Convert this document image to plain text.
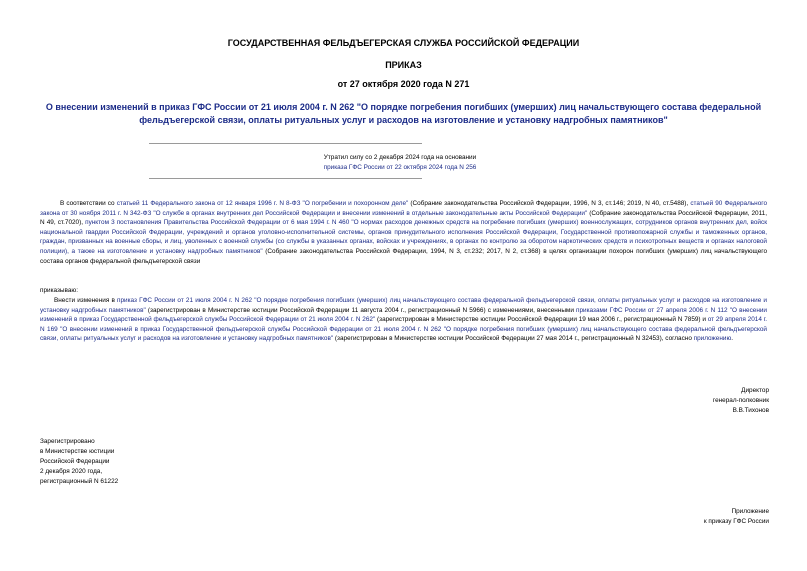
ГОСУДАРСТВЕННАЯ ФЕЛЬДЪЕГЕРСКАЯ СЛУЖБА РОССИЙСКОЙ ФЕДЕРАЦИИ
ПРИКАЗ
от 27 октября 2020 года N 271
О внесении изменений в приказ ГФС России от 21 июля 2004 г. N 262 "О порядке погребения погибших (умерших) лиц начальствующего состава федеральной фельдъегерской связи, оплаты ритуальных услуг и расходов на изготовление и установку надгробных памятников"
Утратил силу со 2 декабря 2024 года на основании
приказа ГФС России от 22 октября 2024 года N 256
В соответствии со статьей 11 Федерального закона от 12 января 1996 г. N 8-ФЗ "О погребении и похоронном деле" (Собрание законодательства Российской Федерации, 1996, N 3, ст.146; 2019, N 40, ст.5488), статьей 90 Федерального закона от 30 ноября 2011 г. N 342-ФЗ "О службе в органах внутренних дел Российской Федерации и внесении изменений в отдельные законодательные акты Российской Федерации" (Собрание законодательства Российской Федерации, 2011, N 49, ст.7020), пунктом 3 постановления Правительства Российской Федерации от 6 мая 1994 г. N 460 "О нормах расходов денежных средств на погребение погибших (умерших) военнослужащих, сотрудников органов внутренних дел, войск национальной гвардии Российской Федерации, учреждений и органов уголовно-исполнительной системы, органов принудительного исполнения Российской Федерации, Государственной противопожарной службы и таможенных органов, граждан, призванных на военные сборы, и лиц, уволенных с военной службы (со службы в указанных органах, войсках и учреждениях, в органах по контролю за оборотом наркотических средств и психотропных веществ и органах налоговой полиции), а также на изготовление и установку надгробных памятников" (Собрание законодательства Российской Федерации, 1994, N 3, ст.232; 2017, N 2, ст.368) в целях организации похорон погибших (умерших) лиц начальствующего состава органов федеральной фельдъегерской связи
приказываю:
Внести изменения в приказ ГФС России от 21 июля 2004 г. N 262 "О порядке погребения погибших (умерших) лиц начальствующего состава федеральной фельдъегерской связи, оплаты ритуальных услуг и расходов на изготовление и установку надгробных памятников" (зарегистрирован в Министерстве юстиции Российской Федерации 11 августа 2004 г., регистрационный N 5966) с изменениями, внесенными приказами ГФС России от 27 апреля 2006 г. N 112 "О внесении изменений в приказ Государственной фельдъегерской службы Российской Федерации от 21 июля 2004 г. N 262" (зарегистрирован в Министерстве юстиции Российской Федерации 19 мая 2006 г., регистрационный N 7859) и от 29 апреля 2014 г. N 169 "О внесении изменений в приказ Государственной фельдъегерской службы Российской Федерации от 21 июля 2004 г. N 262 "О порядке погребения погибших (умерших) лиц начальствующего состава федеральной фельдъегерской связи, оплаты ритуальных услуг и расходов на изготовление и установку надгробных памятников" (зарегистрирован в Министерстве юстиции Российской Федерации 27 мая 2014 г., регистрационный N 32453), согласно приложению.
Директор
генерал-полковник
В.В.Тихонов
Зарегистрировано
в Министерстве юстиции
Российской Федерации
2 декабря 2020 года,
регистрационный N 61222
Приложение
к приказу ГФС России
